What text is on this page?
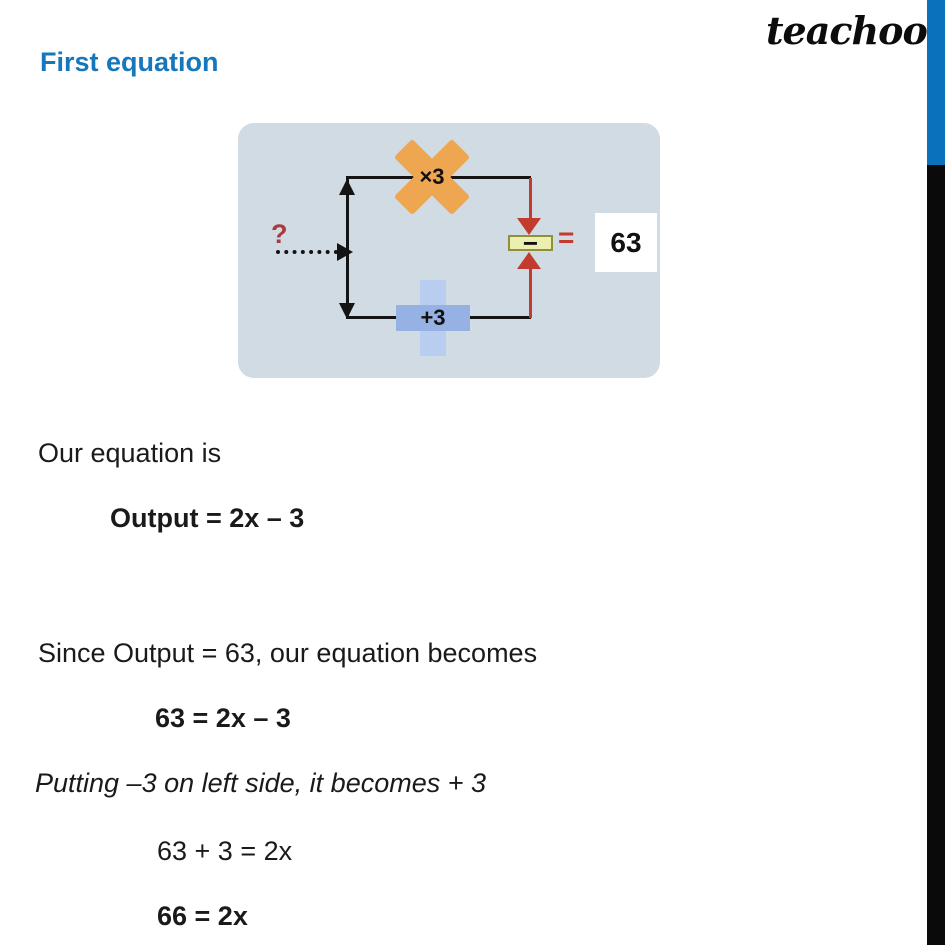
First equation
teachoo
?
×3
+3
− = 63
Our equation is
Output = 2x – 3
Since Output = 63, our equation becomes
63 = 2x – 3
Putting –3 on left side, it becomes + 3
63 + 3 = 2x
66 = 2x
